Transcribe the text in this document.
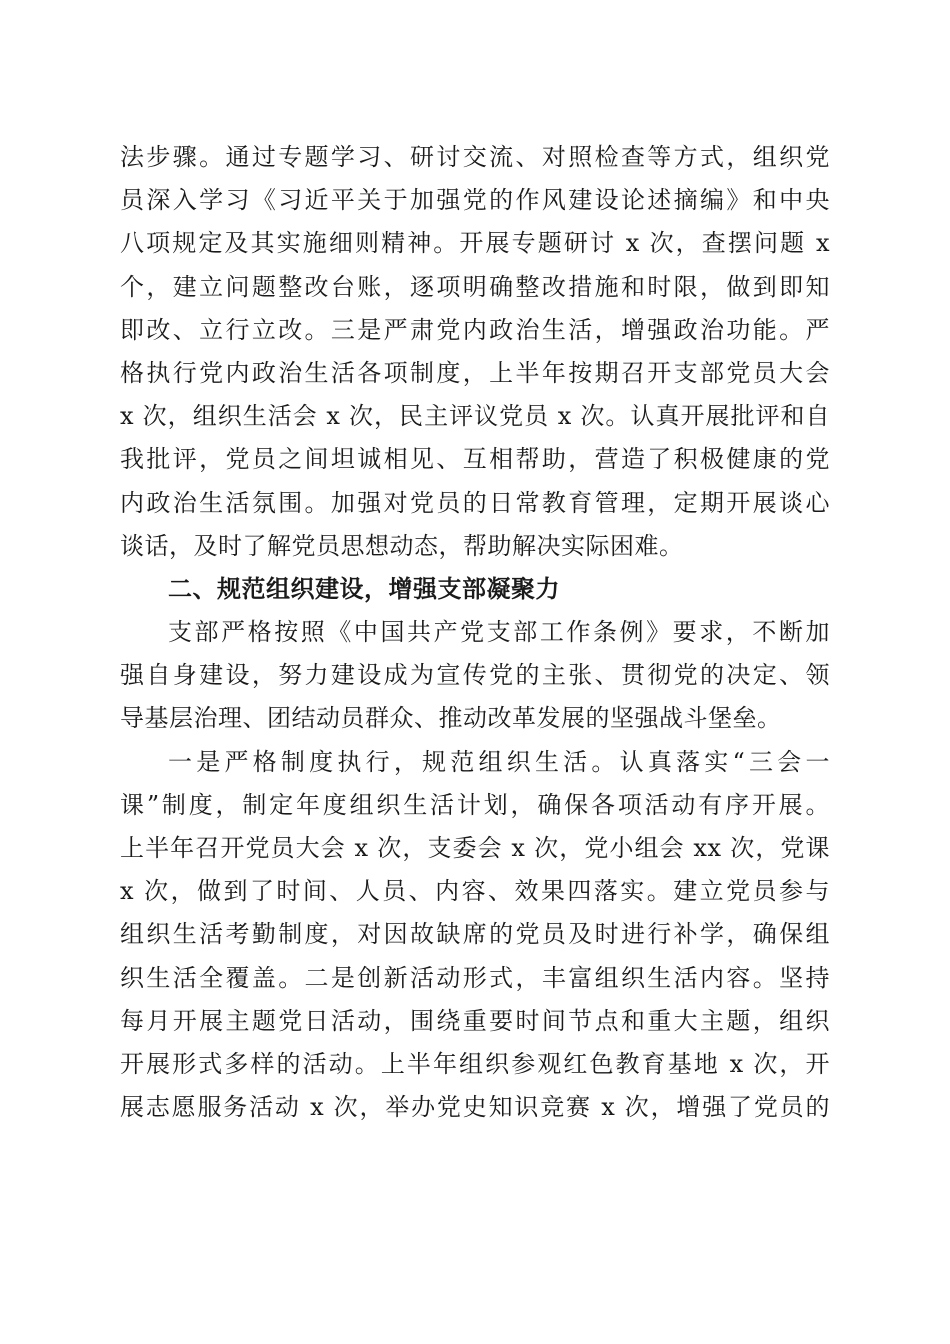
法步骤。通过专题学习、研讨交流、对照检查等方式，组织党
员深入学习《习近平关于加强党的作风建设论述摘编》和中央
八项规定及其实施细则精神。开展专题研讨 x 次，查摆问题 x
个，建立问题整改台账，逐项明确整改措施和时限，做到即知
即改、立行立改。三是严肃党内政治生活，增强政治功能。严
格执行党内政治生活各项制度，上半年按期召开支部党员大会
x 次，组织生活会 x 次，民主评议党员 x 次。认真开展批评和自
我批评，党员之间坦诚相见、互相帮助，营造了积极健康的党
内政治生活氛围。加强对党员的日常教育管理，定期开展谈心
谈话，及时了解党员思想动态，帮助解决实际困难。
二、规范组织建设，增强支部凝聚力
支部严格按照《中国共产党支部工作条例》要求，不断加
强自身建设，努力建设成为宣传党的主张、贯彻党的决定、领
导基层治理、团结动员群众、推动改革发展的坚强战斗堡垒。
一是严格制度执行，规范组织生活。认真落实“三会一
课”制度，制定年度组织生活计划，确保各项活动有序开展。
上半年召开党员大会 x 次，支委会 x 次，党小组会 xx 次，党课
x 次，做到了时间、人员、内容、效果四落实。建立党员参与
组织生活考勤制度，对因故缺席的党员及时进行补学，确保组
织生活全覆盖。二是创新活动形式，丰富组织生活内容。坚持
每月开展主题党日活动，围绕重要时间节点和重大主题，组织
开展形式多样的活动。上半年组织参观红色教育基地 x 次，开
展志愿服务活动 x 次，举办党史知识竞赛 x 次，增强了党员的
